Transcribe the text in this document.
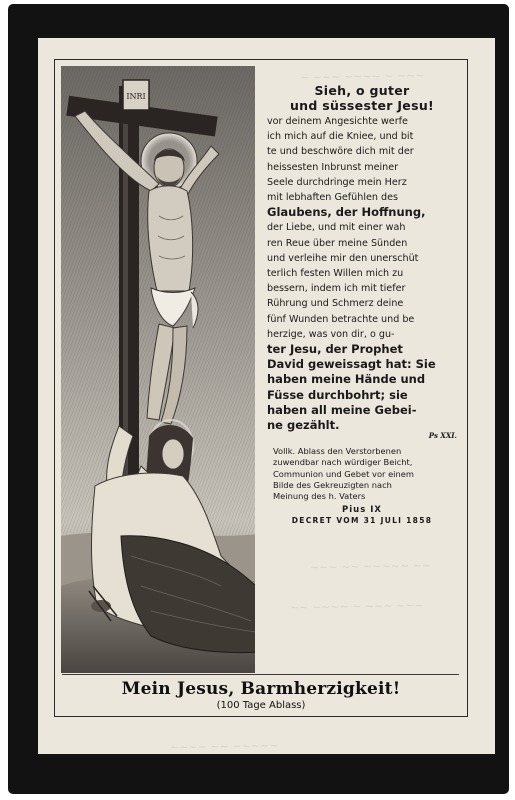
~ ~~~ ~~~~ ~ ~~~
~~~ ~~ ~~~~~ ~~
~~ ~~~~ ~ ~~~ ~~~
~~~~ ~~ ~~~~~
INRI	Sieh, o guter
und süssester Jesu!
vor deinem Angesichte werfe
ich mich auf die Kniee, und bit
te und beschwöre dich mit der
heissesten Inbrunst meiner
Seele durchdringe mein Herz
mit lebhaften Gefühlen des
Glaubens, der Hoffnung,
der Liebe, und mit einer wah
ren Reue über meine Sünden
und verleihe mir den unerschüt
terlich festen Willen mich zu
bessern, indem ich mit tiefer
Rührung und Schmerz deine
fünf Wunden betrachte und be
herzige, was von dir, o gu-
ter Jesu, der Prophet
David geweissagt hat: Sie
haben meine Hände und
Füsse durchbohrt; sie
haben all meine Gebei-
ne gezählt.
Ps XXI.
Vollk. Ablass den Verstorbenen
zuwendbar nach würdiger Beicht,
Communion und Gebet vor einem
Bilde des Gekreuzigten nach
Meinung des h. Vaters
Pius IX
DECRET VOM 31 JULI 1858
Mein Jesus, Barmherzigkeit!
(100 Tage Ablass)
